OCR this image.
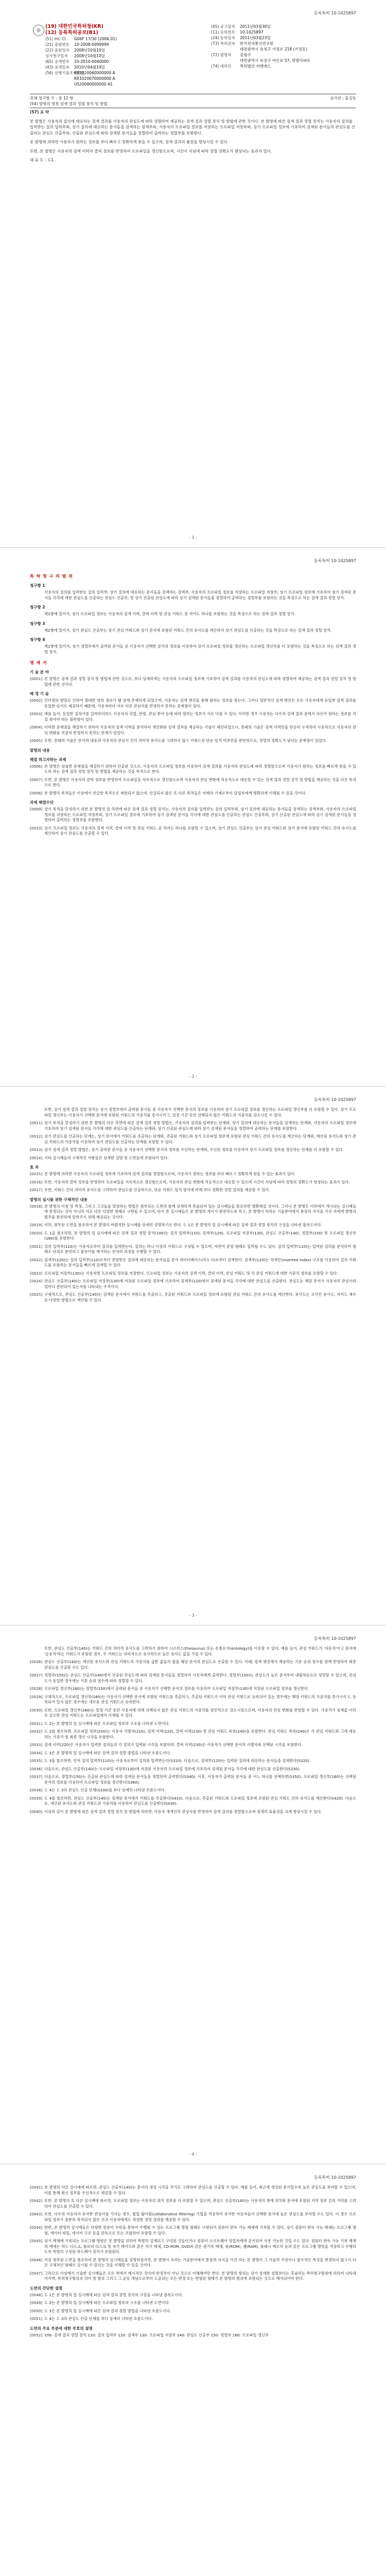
등록특허 10-1025897
◎
(19) 대한민국특허청(KR)
(12) 등록특허공보(B1)
(51) Int. Cl. G06F 17/30 (2006.01)
(21) 출원번호 10-2008-0099999
(22) 출원일자 2008년10월10일
심사청구일자 2008년10월10일
(65) 공개번호 10-2010-0040000
(43) 공개일자 2010년04월19일
(56) 선행기술조사문헌KR1020060000000 A
KR1020070000000 A
US20080000000 A1
(45) 공고일자 2011년03월30일
(11) 등록번호 10-1025897
(24) 등록일자 2011년03월23일
(73) 특허권자 한국전자통신연구원
대전광역시 유성구 가정로 218 (가정동)
(72) 발명자 김철수
대전광역시 유성구 어은로 57, 한빛아파트
(74) 대리인 특허법인 씨엔에스
전체 청구항 수 : 총 12 항	심사관 : 홍길동
(54) 발명의 명칭 검색 결과 정렬 장치 및 방법

(57) 요 약

본 발명은 사용자의 질의에 대응하는 검색 결과를 사용자의 관심도에 따라 정렬하여 제공하는 검색 결과 정렬 장치 및 방법에 관한 것이다. 본 발명에 따른 검색 결과 정렬 장치는 사용자의 질의를 입력받는 질의 입력부와, 상기 질의에 대응하는 문서들을 검색하는 검색부와, 사용자의 프로파일 정보를 저장하는 프로파일 저장부와, 상기 프로파일 정보에 기초하여 검색된 문서들의 관심도를 산출하는 관심도 산출부와, 산출된 관심도에 따라 검색된 문서들을 정렬하여 출력하는 정렬부를 포함한다.

본 발명에 의하면 사용자가 원하는 정보를 보다 빠르고 정확하게 찾을 수 있으며, 검색 결과의 품질을 향상시킬 수 있다.

또한, 본 발명은 사용자의 검색 이력과 클릭 정보를 반영하여 프로파일을 갱신함으로써, 시간이 지남에 따라 정렬 정확도가 향상되는 효과가 있다.

대 표 도 - 도1

- 1 -
등록특허 10-1025897
특 허 청 구 의 범 위
청구항 1
사용자의 질의를 입력받는 질의 입력부; 상기 질의에 대응하는 문서들을 검색하는 검색부; 사용자의 프로파일 정보를 저장하는 프로파일 저장부; 상기 프로파일 정보에 기초하여 상기 검색된 문서들 각각에 대한 관심도를 산출하는 관심도 산출부; 및 상기 산출된 관심도에 따라 상기 검색된 문서들을 정렬하여 출력하는 정렬부를 포함하는 것을 특징으로 하는 검색 결과 정렬 장치.
청구항 2
제1항에 있어서, 상기 프로파일 정보는 사용자의 검색 이력, 클릭 이력 및 관심 키워드 중 적어도 하나를 포함하는 것을 특징으로 하는 검색 결과 정렬 장치.
청구항 3
제2항에 있어서, 상기 관심도 산출부는 상기 관심 키워드와 상기 문서에 포함된 키워드 간의 유사도를 계산하여 상기 관심도를 산출하는 것을 특징으로 하는 검색 결과 정렬 장치.
청구항 4
제1항에 있어서, 상기 정렬부에서 출력된 문서들 중 사용자가 선택한 문서의 정보를 이용하여 상기 프로파일 정보를 갱신하는 프로파일 갱신부를 더 포함하는 것을 특징으로 하는 검색 결과 정렬 장치.
명 세 서
기 술 분 야
[0001] 본 발명은 검색 결과 정렬 장치 및 방법에 관한 것으로, 보다 상세하게는 사용자의 프로파일 정보에 기초하여 검색 결과를 사용자의 관심도에 따라 정렬하여 제공하는 검색 결과 정렬 장치 및 방법에 관한 것이다.
배 경 기 술
[0002] 인터넷의 발달로 인하여 방대한 양의 정보가 웹 상에 존재하게 되었으며, 사용자는 검색 엔진을 통해 원하는 정보를 찾는다. 그러나 일반적인 검색 엔진은 모든 사용자에게 동일한 검색 결과를 동일한 순서로 제공하기 때문에, 사용자마다 서로 다른 관심사를 반영하지 못하는 문제점이 있다.
[0003] 예를 들어, 동일한 질의어를 입력하더라도 사용자의 직업, 연령, 관심 분야 등에 따라 원하는 정보가 서로 다를 수 있다. 이러한 경우 사용자는 다수의 검색 결과 중에서 자신이 원하는 정보를 직접 찾아야 하는 불편함이 있다.
[0004] 이러한 문제점을 해결하기 위하여 사용자의 검색 이력을 분석하여 개인화된 검색 결과를 제공하는 기술이 제안되었으나, 종래의 기술은 검색 이력만을 단순히 누적하여 사용하므로 사용자의 관심 변화를 적절히 반영하지 못하는 한계가 있었다.
[0005] 또한, 종래의 기술은 문서의 내용과 사용자의 관심사 간의 의미적 유사도를 고려하지 않고 키워드의 단순 일치 여부만을 판단하므로, 정렬의 정확도가 낮다는 문제점이 있었다.
발명의 내용
해결 하고자하는 과제
[0006] 본 발명은 상술한 문제점을 해결하기 위하여 안출된 것으로, 사용자의 프로파일 정보를 이용하여 검색 결과를 사용자의 관심도에 따라 정렬함으로써 사용자가 원하는 정보를 빠르게 찾을 수 있도록 하는 검색 결과 정렬 장치 및 방법을 제공하는 것을 목적으로 한다.
[0007] 또한, 본 발명은 사용자의 클릭 정보를 반영하여 프로파일을 지속적으로 갱신함으로써 사용자의 관심 변화에 적응적으로 대응할 수 있는 검색 결과 정렬 장치 및 방법을 제공하는 것을 다른 목적으로 한다.
[0008] 본 발명의 목적들은 이상에서 언급한 목적으로 제한되지 않으며, 언급되지 않은 또 다른 목적들은 아래의 기재로부터 당업자에게 명확하게 이해될 수 있을 것이다.
과제 해결수단
[0009] 상기 목적을 달성하기 위한 본 발명의 일 측면에 따른 검색 결과 정렬 장치는, 사용자의 질의를 입력받는 질의 입력부와, 상기 질의에 대응하는 문서들을 검색하는 검색부와, 사용자의 프로파일 정보를 저장하는 프로파일 저장부와, 상기 프로파일 정보에 기초하여 상기 검색된 문서들 각각에 대한 관심도를 산출하는 관심도 산출부와, 상기 산출된 관심도에 따라 상기 검색된 문서들을 정렬하여 출력하는 정렬부를 포함한다.
[0010] 상기 프로파일 정보는 사용자의 검색 이력, 클릭 이력 및 관심 키워드 중 적어도 하나를 포함할 수 있으며, 상기 관심도 산출부는 상기 관심 키워드와 상기 문서에 포함된 키워드 간의 유사도를 계산하여 상기 관심도를 산출할 수 있다.
- 2 -
등록특허 10-1025897
또한, 상기 검색 결과 정렬 장치는 상기 정렬부에서 출력된 문서들 중 사용자가 선택한 문서의 정보를 이용하여 상기 프로파일 정보를 갱신하는 프로파일 갱신부를 더 포함할 수 있다. 상기 프로파일 갱신부는 사용자가 선택한 문서에 포함된 키워드의 가중치를 증가시키고, 일정 기간 동안 선택되지 않은 키워드의 가중치를 감소시킬 수 있다.
[0011] 상기 목적을 달성하기 위한 본 발명의 다른 측면에 따른 검색 결과 정렬 방법은, 사용자의 질의를 입력받는 단계와, 상기 질의에 대응하는 문서들을 검색하는 단계와, 사용자의 프로파일 정보에 기초하여 상기 검색된 문서들 각각에 대한 관심도를 산출하는 단계와, 상기 산출된 관심도에 따라 상기 검색된 문서들을 정렬하여 출력하는 단계를 포함한다.
[0012] 상기 관심도를 산출하는 단계는, 상기 문서에서 키워드를 추출하는 단계와, 추출된 키워드와 상기 프로파일 정보에 포함된 관심 키워드 간의 유사도를 계산하는 단계와, 계산된 유사도와 상기 관심 키워드의 가중치를 이용하여 상기 관심도를 산출하는 단계를 포함할 수 있다.
[0013] 상기 검색 결과 정렬 방법은, 상기 출력된 문서들 중 사용자가 선택한 문서의 정보를 수신하는 단계와, 수신된 정보를 이용하여 상기 프로파일 정보를 갱신하는 단계를 더 포함할 수 있다.
[0014] 기타 실시예들의 구체적인 사항들은 상세한 설명 및 도면들에 포함되어 있다.
효 과
[0015] 본 발명에 의하면 사용자의 프로파일 정보에 기초하여 검색 결과를 정렬함으로써, 사용자가 원하는 정보를 보다 빠르고 정확하게 찾을 수 있는 효과가 있다.
[0016] 또한, 사용자의 클릭 정보를 반영하여 프로파일을 지속적으로 갱신함으로써, 사용자의 관심 변화에 적응적으로 대응할 수 있으며 시간이 지남에 따라 정렬의 정확도가 향상되는 효과가 있다.
[0017] 또한, 키워드 간의 의미적 유사도를 고려하여 관심도를 산출하므로, 단순 키워드 일치 방식에 비해 보다 정확한 정렬 결과를 제공할 수 있다.
발명의 실시를 위한 구체적인 내용
[0018] 본 발명의 이점 및 특징, 그리고 그것들을 달성하는 방법은 첨부되는 도면과 함께 상세하게 후술되어 있는 실시예들을 참조하면 명확해질 것이다. 그러나 본 발명은 이하에서 개시되는 실시예들에 한정되는 것이 아니라 서로 다른 다양한 형태로 구현될 수 있으며, 단지 본 실시예들은 본 발명의 개시가 완전하도록 하고, 본 발명이 속하는 기술분야에서 통상의 지식을 가진 자에게 발명의 범주를 완전하게 알려주기 위해 제공되는 것이다.
[0019] 이하, 첨부된 도면을 참조하여 본 발명의 바람직한 실시예를 상세히 설명하기로 한다. 도 1은 본 발명의 일 실시예에 따른 검색 결과 정렬 장치의 구성을 나타낸 블록도이다.
[0020] 도 1을 참조하면, 본 발명의 일 실시예에 따른 검색 결과 정렬 장치(100)는 질의 입력부(110), 검색부(120), 프로파일 저장부(130), 관심도 산출부(140), 정렬부(150) 및 프로파일 갱신부(160)를 포함한다.
[0021] 질의 입력부(110)는 사용자로부터 질의를 입력받는다. 질의는 하나 이상의 키워드로 구성될 수 있으며, 자연어 문장 형태로 입력될 수도 있다. 질의 입력부(110)는 입력된 질의를 분석하여 형태소 단위로 분리하고 불용어를 제거하는 전처리 과정을 수행할 수 있다.
[0022] 검색부(120)는 질의 입력부(110)로부터 전달받은 질의에 대응하는 문서들을 문서 데이터베이스(미도시)로부터 검색한다. 검색부(120)는 역색인(inverted index) 구조를 이용하여 질의 키워드를 포함하는 문서들을 빠르게 검색할 수 있다.
[0023] 프로파일 저장부(130)는 사용자별 프로파일 정보를 저장한다. 프로파일 정보는 사용자의 검색 이력, 클릭 이력, 관심 키워드 및 각 관심 키워드에 대한 가중치 정보를 포함할 수 있다.
[0024] 관심도 산출부(140)는 프로파일 저장부(130)에 저장된 프로파일 정보에 기초하여 검색부(120)에서 검색된 문서들 각각에 대한 관심도를 산출한다. 관심도는 해당 문서가 사용자의 관심사와 얼마나 관련되어 있는지를 나타내는 수치이다.
[0025] 구체적으로, 관심도 산출부(140)는 검색된 문서에서 키워드를 추출하고, 추출된 키워드와 프로파일 정보에 포함된 관심 키워드 간의 유사도를 계산한다. 유사도는 코사인 유사도, 자카드 계수 등 다양한 방법으로 계산될 수 있다.
- 3 -
등록특허 10-1025897
또한, 관심도 산출부(140)는 키워드 간의 의미적 유사도를 고려하기 위하여 시소러스(thesaurus) 또는 온톨로지(ontology)를 이용할 수 있다. 예를 들어, 관심 키워드가 '자동차'이고 문서에 '승용차'라는 키워드가 포함된 경우, 두 키워드는 의미적으로 유사하므로 높은 유사도 값을 가질 수 있다.
[0026] 관심도 산출부(140)는 계산된 유사도와 관심 키워드의 가중치를 곱한 값들의 합을 해당 문서의 관심도로 산출할 수 있다. 이때, 검색 엔진에서 제공하는 기본 순위 점수를 함께 반영하여 최종 관심도를 산출할 수도 있다.
[0027] 정렬부(150)는 관심도 산출부(140)에서 산출된 관심도에 따라 검색된 문서들을 정렬하여 사용자에게 출력한다. 정렬부(150)는 관심도가 높은 문서부터 내림차순으로 정렬할 수 있으며, 관심도가 동일한 경우에는 기본 순위 점수에 따라 정렬할 수 있다.
[0028] 프로파일 갱신부(160)는 정렬부(150)에서 출력된 문서들 중 사용자가 선택한 문서의 정보를 이용하여 프로파일 저장부(130)에 저장된 프로파일 정보를 갱신한다.
[0029] 구체적으로, 프로파일 갱신부(160)는 사용자가 선택한 문서에 포함된 키워드를 추출하고, 추출된 키워드가 이미 관심 키워드로 등록되어 있는 경우에는 해당 키워드의 가중치를 증가시키고, 등록되어 있지 않은 경우에는 새로운 관심 키워드로 등록한다.
[0030] 또한, 프로파일 갱신부(160)는 일정 기간 동안 사용자에 의해 선택되지 않은 관심 키워드의 가중치를 점진적으로 감소시킴으로써, 사용자의 관심 변화를 반영할 수 있다. 가중치가 임계값 이하로 감소한 관심 키워드는 프로파일에서 삭제될 수 있다.
[0031] 도 2는 본 발명의 일 실시예에 따른 프로파일 정보의 구조를 나타낸 도면이다.
[0032] 도 2를 참조하면, 프로파일 정보(200)는 사용자 식별자(210), 검색 이력(220), 클릭 이력(230) 및 관심 키워드 목록(240)을 포함한다. 관심 키워드 목록(240)은 각 관심 키워드와 그에 대응하는 가중치 및 최종 갱신 시각을 포함한다.
[0033] 검색 이력(220)은 사용자가 입력한 질의들과 각 질의가 입력된 시각을 포함하며, 클릭 이력(230)은 사용자가 선택한 문서의 식별자와 선택된 시각을 포함한다.
[0034] 도 3은 본 발명의 일 실시예에 따른 검색 결과 정렬 방법을 나타낸 흐름도이다.
[0035] 도 3을 참조하면, 먼저 질의 입력부(110)는 사용자로부터 질의를 입력받는다(S310). 다음으로, 검색부(120)는 입력된 질의에 대응하는 문서들을 검색한다(S320).
[0036] 다음으로, 관심도 산출부(140)는 프로파일 저장부(130)에 저장된 사용자의 프로파일 정보에 기초하여 검색된 문서들 각각에 대한 관심도를 산출한다(S330).
[0037] 다음으로, 정렬부(150)는 산출된 관심도에 따라 검색된 문서들을 정렬하여 출력한다(S340). 이후, 사용자가 출력된 문서들 중 어느 하나를 선택하면(S350), 프로파일 갱신부(160)는 선택된 문서의 정보를 이용하여 프로파일 정보를 갱신한다(S360).
[0038] 도 4는 도 3의 관심도 산출 단계(S330)를 보다 상세히 나타낸 흐름도이다.
[0039] 도 4를 참조하면, 관심도 산출부(140)는 검색된 문서에서 키워드를 추출한다(S410). 다음으로, 추출된 키워드와 프로파일 정보에 포함된 관심 키워드 간의 유사도를 계산한다(S420). 다음으로, 계산된 유사도와 관심 키워드의 가중치를 이용하여 관심도를 산출한다(S430).
[0040] 이상과 같이 본 발명에 따른 검색 결과 정렬 장치 및 방법에 의하면, 사용자 개개인의 관심사를 반영하여 검색 결과를 정렬함으로써 검색의 효율성을 크게 향상시킬 수 있다.
- 4 -
등록특허 10-1025897
[0041] 본 발명의 다른 실시예에 따르면, 관심도 산출부(140)는 문서의 생성 시각을 추가로 고려하여 관심도를 산출할 수 있다. 예를 들어, 최근에 생성된 문서일수록 높은 관심도를 부여할 수 있으며, 이를 통해 최신 정보를 우선적으로 제공할 수 있다.
[0042] 또한, 본 발명의 또 다른 실시예에 따르면, 프로파일 정보는 사용자의 위치 정보를 더 포함할 수 있으며, 관심도 산출부(140)는 사용자의 현재 위치와 문서에 포함된 지역 정보 간의 거리를 고려하여 관심도를 산출할 수 있다.
[0043] 또한, 다수의 사용자가 유사한 관심사를 가지는 경우, 협업 필터링(collaborative filtering) 기법을 적용하여 유사한 사용자들이 선택한 문서에 높은 관심도를 부여할 수도 있다. 이 경우 프로파일 정보가 충분히 축적되지 않은 신규 사용자에게도 적절한 정렬 결과를 제공할 수 있다.
[0044] 한편, 본 발명의 실시예들은 다양한 컴퓨터 수단을 통하여 수행될 수 있는 프로그램 명령 형태로 구현되어 컴퓨터 판독 가능 매체에 기록될 수 있다. 상기 컴퓨터 판독 가능 매체는 프로그램 명령, 데이터 파일, 데이터 구조 등을 단독으로 또는 조합하여 포함할 수 있다.
[0045] 상기 매체에 기록되는 프로그램 명령은 본 발명을 위하여 특별히 설계되고 구성된 것들이거나 컴퓨터 소프트웨어 당업자에게 공지되어 사용 가능한 것일 수도 있다. 컴퓨터 판독 가능 기록 매체의 예에는 하드 디스크, 플로피 디스크 및 자기 테이프와 같은 자기 매체, CD-ROM, DVD와 같은 광기록 매체, 롬(ROM), 램(RAM), 플래시 메모리 등과 같은 프로그램 명령을 저장하고 수행하도록 특별히 구성된 하드웨어 장치가 포함된다.
[0046] 이상 첨부된 도면을 참조하여 본 발명의 실시예들을 설명하였지만, 본 발명이 속하는 기술분야에서 통상의 지식을 가진 자는 본 발명이 그 기술적 사상이나 필수적인 특징을 변경하지 않고서 다른 구체적인 형태로 실시될 수 있다는 것을 이해할 수 있을 것이다.
[0047] 그러므로 이상에서 기술한 실시예들은 모든 면에서 예시적인 것이며 한정적이 아닌 것으로 이해해야만 한다. 본 발명의 범위는 상기 상세한 설명보다는 후술하는 특허청구범위에 의하여 나타내어지며, 특허청구범위의 의미 및 범위 그리고 그 균등 개념으로부터 도출되는 모든 변경 또는 변형된 형태가 본 발명의 범위에 포함되는 것으로 해석되어야 한다.
도면의 간단한 설명
[0048] 도 1은 본 발명의 일 실시예에 따른 검색 결과 정렬 장치의 구성을 나타낸 블록도이다.
[0049] 도 2는 본 발명의 일 실시예에 따른 프로파일 정보의 구조를 나타낸 도면이다.
[0050] 도 3은 본 발명의 일 실시예에 따른 검색 결과 정렬 방법을 나타낸 흐름도이다.
[0051] 도 4는 도 3의 관심도 산출 단계를 보다 상세히 나타낸 흐름도이다.
도면의 주요 부분에 대한 부호의 설명
[0052] 100: 검색 결과 정렬 장치 110: 질의 입력부 120: 검색부 130: 프로파일 저장부 140: 관심도 산출부 150: 정렬부 160: 프로파일 갱신부
